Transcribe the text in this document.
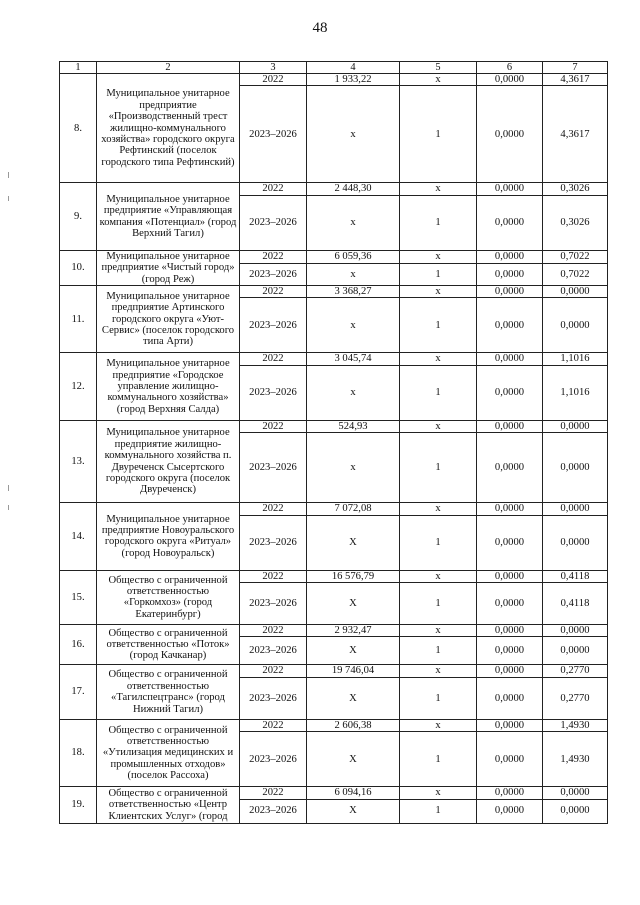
48
1	2	3	4	5	6	7
8.	Муниципальное унитарное предприятие «Производственный трест жилищно-коммунального хозяйства» городского округа Рефтинский (поселок городского типа Рефтинский)	2022	1 933,22	х	0,0000	4,3617
		2023–2026	х	1	0,0000	4,3617
9.	Муниципальное унитарное предприятие «Управляющая компания «Потенциал» (город Верхний Тагил)	2022	2 448,30	х	0,0000	0,3026
		2023–2026	х	1	0,0000	0,3026
10.	Муниципальное унитарное предприятие «Чистый город» (город Реж)	2022	6 059,36	х	0,0000	0,7022
		2023–2026	х	1	0,0000	0,7022
11.	Муниципальное унитарное предприятие Артинского городского округа «Уют-Сервис» (поселок городского типа Арти)	2022	3 368,27	х	0,0000	0,0000
		2023–2026	х	1	0,0000	0,0000
12.	Муниципальное унитарное предприятие «Городское управление жилищно-коммунального хозяйства» (город Верхняя Салда)	2022	3 045,74	х	0,0000	1,1016
		2023–2026	х	1	0,0000	1,1016
13.	Муниципальное унитарное предприятие жилищно-коммунального хозяйства п. Двуреченск Сысертского городского округа (поселок Двуреченск)	2022	524,93	х	0,0000	0,0000
		2023–2026	х	1	0,0000	0,0000
14.	Муниципальное унитарное предприятие Новоуральского городского округа «Ритуал» (город Новоуральск)	2022	7 072,08	х	0,0000	0,0000
		2023–2026	Х	1	0,0000	0,0000
15.	Общество с ограниченной ответственностью «Горкомхоз» (город Екатеринбург)	2022	16 576,79	х	0,0000	0,4118
		2023–2026	Х	1	0,0000	0,4118
16.	Общество с ограниченной ответственностью «Поток» (город Качканар)	2022	2 932,47	х	0,0000	0,0000
		2023–2026	Х	1	0,0000	0,0000
17.	Общество с ограниченной ответственностью «Тагилспецтранс» (город Нижний Тагил)	2022	19 746,04	х	0,0000	0,2770
		2023–2026	Х	1	0,0000	0,2770
18.	Общество с ограниченной ответственностью «Утилизация медицинских и промышленных отходов» (поселок Рассоха)	2022	2 606,38	х	0,0000	1,4930
		2023–2026	Х	1	0,0000	1,4930
19.	Общество с ограниченной ответственностью «Центр Клиентских Услуг» (город	2022	6 094,16	х	0,0000	0,0000
		2023–2026	Х	1	0,0000	0,0000
